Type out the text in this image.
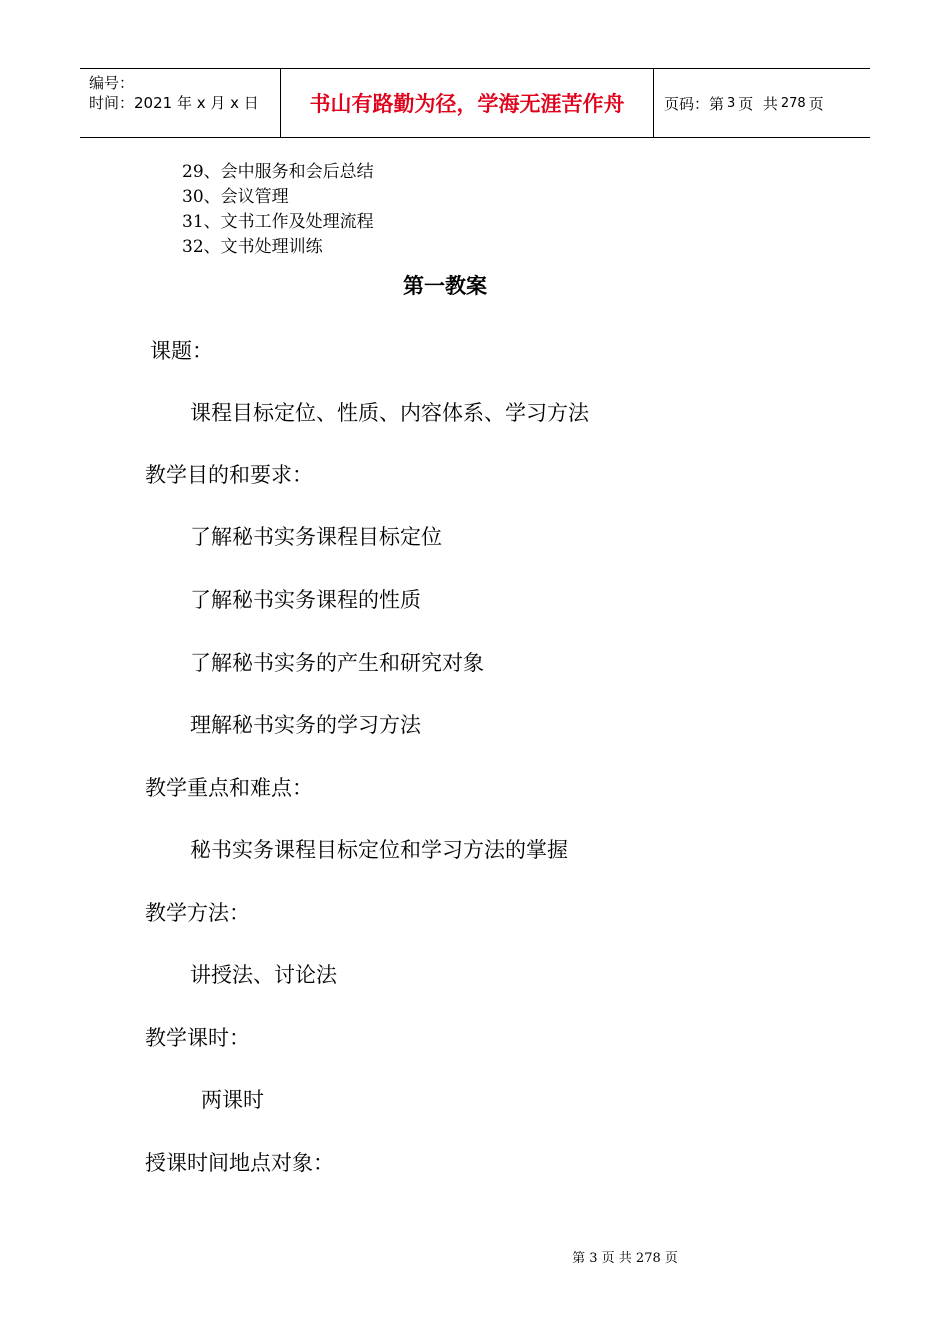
编号：
时间：2021 年 x 月 x 日	书山有路勤为径，学海无涯苦作舟	页码：第 3 页  共 278 页
29、会中服务和会后总结
30、会议管理
31、文书工作及处理流程
32、文书处理训练
第一教案
课题：
课程目标定位、性质、内容体系、学习方法
教学目的和要求：
了解秘书实务课程目标定位
了解秘书实务课程的性质
了解秘书实务的产生和研究对象
理解秘书实务的学习方法
教学重点和难点：
秘书实务课程目标定位和学习方法的掌握
教学方法：
讲授法、讨论法
教学课时：
两课时
授课时间地点对象：
第 3 页 共 278 页
